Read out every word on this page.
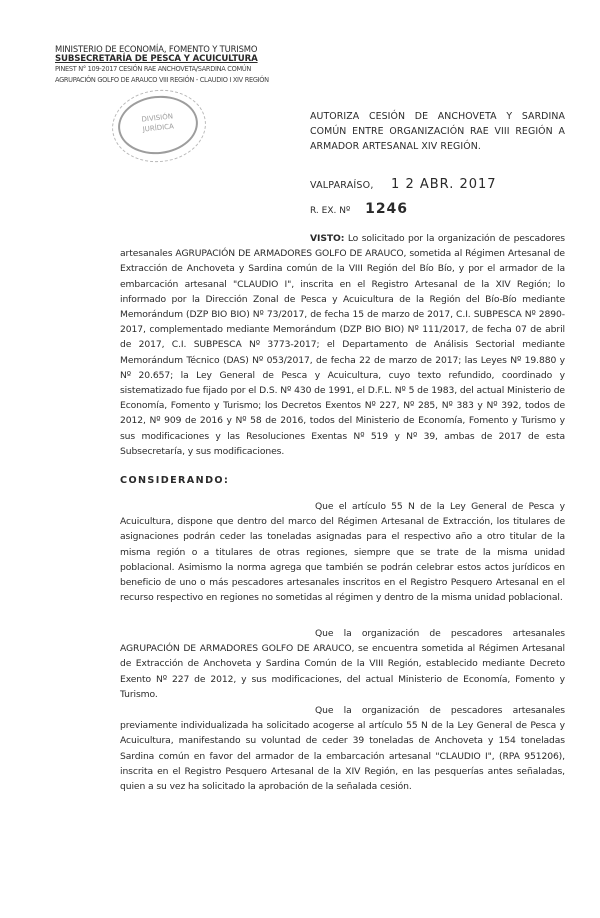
MINISTERIO DE ECONOMÍA, FOMENTO Y TURISMO
SUBSECRETARÍA DE PESCA Y ACUICULTURA
PINEST N° 109-2017 CESIÓN RAE ANCHOVETA/SARDINA COMÚN
AGRUPACIÓN GOLFO DE ARAUCO VIII REGIÓN - CLAUDIO I XIV REGIÓN
DIVISIÓN
JURÍDICA
AUTORIZA CESIÓN DE ANCHOVETA Y SARDINA COMÚN ENTRE ORGANIZACIÓN RAE VIII REGIÓN A ARMADOR ARTESANAL XIV REGIÓN.
VALPARAÍSO, 1 2 ABR. 2017
R. EX. Nº 1246
VISTO: Lo solicitado por la organización de pescadores artesanales AGRUPACIÓN DE ARMADORES GOLFO DE ARAUCO, sometida al Régimen Artesanal de Extracción de Anchoveta y Sardina común de la VIII Región del Bío Bío, y por el armador de la embarcación artesanal "CLAUDIO I", inscrita en el Registro Artesanal de la XIV Región; lo informado por la Dirección Zonal de Pesca y Acuicultura de la Región del Bío-Bío mediante Memorándum (DZP BIO BIO) Nº 73/2017, de fecha 15 de marzo de 2017, C.I. SUBPESCA Nº 2890-2017, complementado mediante Memorándum (DZP BIO BIO) Nº 111/2017, de fecha 07 de abril de 2017, C.I. SUBPESCA Nº 3773-2017; el Departamento de Análisis Sectorial mediante Memorándum Técnico (DAS) Nº 053/2017, de fecha 22 de marzo de 2017; las Leyes Nº 19.880 y Nº 20.657; la Ley General de Pesca y Acuicultura, cuyo texto refundido, coordinado y sistematizado fue fijado por el D.S. Nº 430 de 1991, el D.F.L. Nº 5 de 1983, del actual Ministerio de Economía, Fomento y Turismo; los Decretos Exentos Nº 227, Nº 285, Nº 383 y Nº 392, todos de 2012, Nº 909 de 2016 y Nº 58 de 2016, todos del Ministerio de Economía, Fomento y Turismo y sus modificaciones y las Resoluciones Exentas Nº 519 y Nº 39, ambas de 2017 de esta Subsecretaría, y sus modificaciones.
CONSIDERANDO:
Que el artículo 55 N de la Ley General de Pesca y Acuicultura, dispone que dentro del marco del Régimen Artesanal de Extracción, los titulares de asignaciones podrán ceder las toneladas asignadas para el respectivo año a otro titular de la misma región o a titulares de otras regiones, siempre que se trate de la misma unidad poblacional. Asimismo la norma agrega que también se podrán celebrar estos actos jurídicos en beneficio de uno o más pescadores artesanales inscritos en el Registro Pesquero Artesanal en el recurso respectivo en regiones no sometidas al régimen y dentro de la misma unidad poblacional.
Que la organización de pescadores artesanales AGRUPACIÓN DE ARMADORES GOLFO DE ARAUCO, se encuentra sometida al Régimen Artesanal de Extracción de Anchoveta y Sardina Común de la VIII Región, establecido mediante Decreto Exento Nº 227 de 2012, y sus modificaciones, del actual Ministerio de Economía, Fomento y Turismo.
Que la organización de pescadores artesanales previamente individualizada ha solicitado acogerse al artículo 55 N de la Ley General de Pesca y Acuicultura, manifestando su voluntad de ceder 39 toneladas de Anchoveta y 154 toneladas Sardina común en favor del armador de la embarcación artesanal "CLAUDIO I", (RPA 951206), inscrita en el Registro Pesquero Artesanal de la XIV Región, en las pesquerías antes señaladas, quien a su vez ha solicitado la aprobación de la señalada cesión.
